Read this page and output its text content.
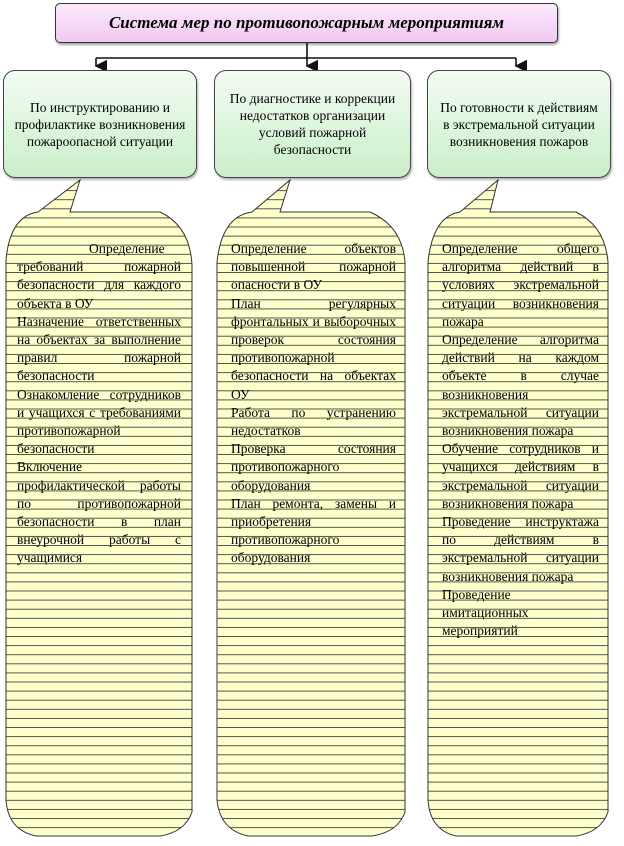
Система мер по противопожарным мероприятиям
По инструктированию и профилактике возникновения пожароопасной ситуации
По диагностике и коррекции недостатков организации условий пожарной безопасности
По готовности к действиям в экстремальной ситуации возникновения пожаров

Определение требований пожарной безопасности для каждого объекта в ОУ

Назначение ответственных на объектах за выполнение правил пожарной безопасности

Ознакомление сотрудников и учащихся с требованиями противопожарной безопасности

Включение профилактической работы по противопожарной безопасности в план внеурочной работы с учащимися

Определение объектов повышенной пожарной опасности в ОУ

План регулярных фронтальных и выборочных проверок состояния противопожарной безопасности на объектах ОУ

Работа по устранению недостатков

Проверка состояния противопожарного оборудования

План ремонта, замены и приобретения противопожарного оборудования

Определение общего алгоритма действий в условиях экстремальной ситуации возникновения пожара

Определение алгоритма действий на каждом объекте в случае возникновения экстремальной ситуации возникновения пожара

Обучение сотрудников и учащихся действиям в экстремальной ситуации возникновения пожара

Проведение инструктажа по действиям в экстремальной ситуации возникновения пожара

Проведение имитационных мероприятий
